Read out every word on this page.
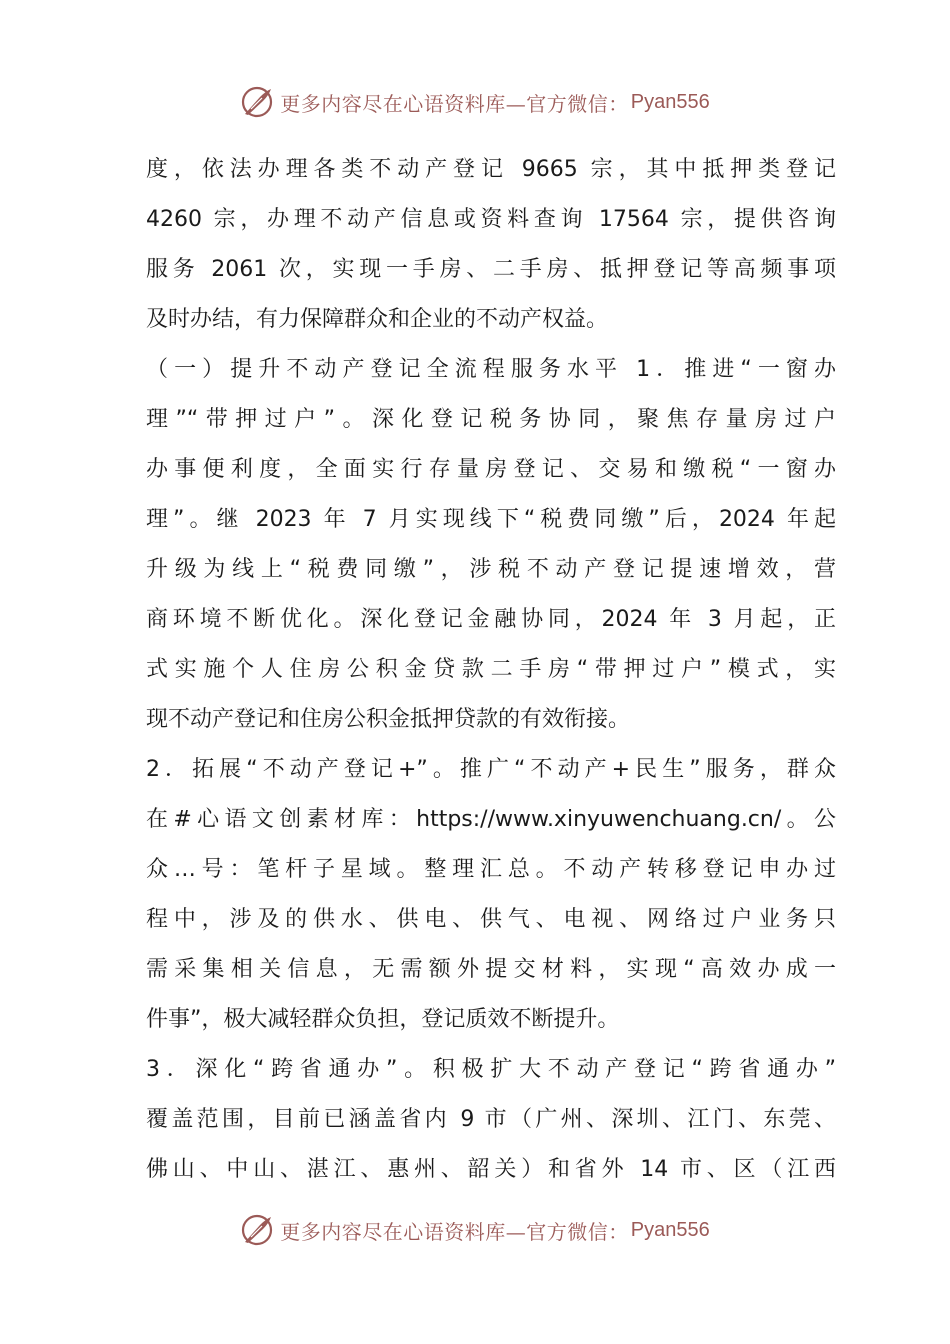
更多内容尽在心语资料库—官方微信： Pyan556
度，依法办理各类不动产登记 9665 宗，其中抵押类登记
4260 宗，办理不动产信息或资料查询 17564 宗，提供咨询
服务 2061 次，实现一手房、二手房、抵押登记等高频事项
及时办结，有力保障群众和企业的不动产权益。
（一）提升不动产登记全流程服务水平 1．推进“一窗办
理”“带押过户”。深化登记税务协同，聚焦存量房过户
办事便利度，全面实行存量房登记、交易和缴税“一窗办
理”。继 2023 年 7 月实现线下“税费同缴”后，2024 年起
升级为线上“税费同缴”，涉税不动产登记提速增效，营
商环境不断优化。深化登记金融协同，2024 年 3 月起，正
式实施个人住房公积金贷款二手房“带押过户”模式，实
现不动产登记和住房公积金抵押贷款的有效衔接。
2．拓展“不动产登记+”。推广“不动产+民生”服务，群众
在#心语文创素材库：https://www.xinyuwenchuang.cn/。公
众…号：笔杆子星域。整理汇总。不动产转移登记申办过
程中，涉及的供水、供电、供气、电视、网络过户业务只
需采集相关信息，无需额外提交材料，实现“高效办成一
件事”，极大减轻群众负担，登记质效不断提升。
3．深化“跨省通办”。积极扩大不动产登记“跨省通办”
覆盖范围，目前已涵盖省内 9 市（广州、深圳、江门、东莞、
佛山、中山、湛江、惠州、韶关）和省外 14 市、区（江西
更多内容尽在心语资料库—官方微信： Pyan556
